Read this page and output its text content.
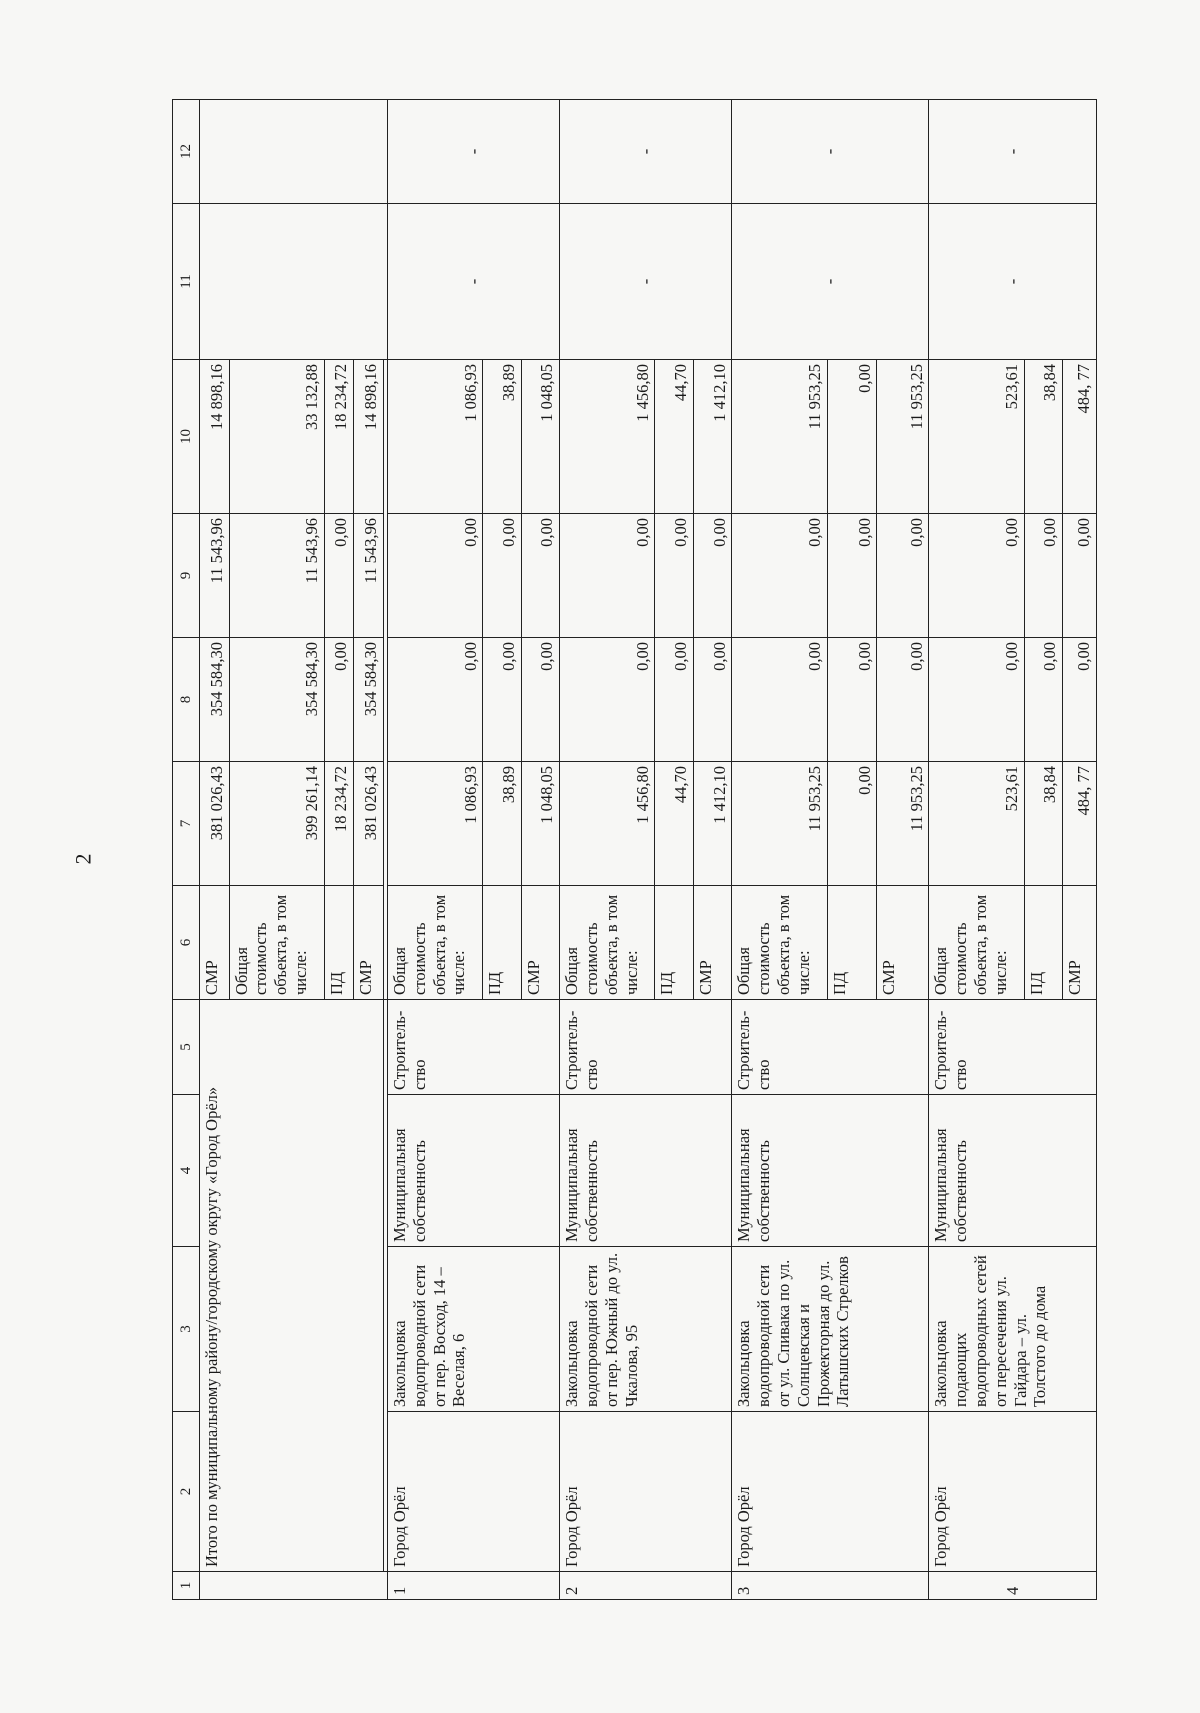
2
1	2	3	4	5	6	7	8	9	10	11	12
	Итого по муниципальному району/городскому округу «Город Орёл»				СМР	381 026,43	354 584,30	11 543,96	14 898,16		
					Общая стоимость объекта, в том числе:	399 261,14	354 584,30	11 543,96	33 132,88		
					ПД	18 234,72	0,00	0,00	18 234,72		
					СМР	381 026,43	354 584,30	11 543,96	14 898,16		

1	Город Орёл	Закольцовка водопроводной сети от пер. Восход, 14 – Веселая, 6	Муниципальная собственность	Строитель-ство	Общая стоимость объекта, в том числе:	1 086,93	0,00	0,00	1 086,93	-	-
					ПД	38,89	0,00	0,00	38,89		
					СМР	1 048,05	0,00	0,00	1 048,05		
2	Город Орёл	Закольцовка водопроводной сети от пер. Южный до ул. Чкалова, 95	Муниципальная собственность	Строитель-ство	Общая стоимость объекта, в том числе:	1 456,80	0,00	0,00	1 456,80	-	-
					ПД	44,70	0,00	0,00	44,70		
					СМР	1 412,10	0,00	0,00	1 412,10		
3	Город Орёл	Закольцовка водопроводной сети от ул. Спивака по ул. Солнцевская и Прожекторная до ул. Латышских Стрелков	Муниципальная собственность	Строитель-ство	Общая стоимость объекта, в том числе:	11 953,25	0,00	0,00	11 953,25	-	-
					ПД	0,00	0,00	0,00	0,00		
					СМР	11 953,25	0,00	0,00	11 953,25		
4	Город Орёл	Закольцовка подающих водопроводных сетей от пересечения ул. Гайдара – ул. Толстого до дома	Муниципальная собственность	Строитель-ство	Общая стоимость объекта, в том числе:	523,61	0,00	0,00	523,61	-	-
					ПД	38,84	0,00	0,00	38,84		
					СМР	484, 77	0,00	0,00	484, 77		
